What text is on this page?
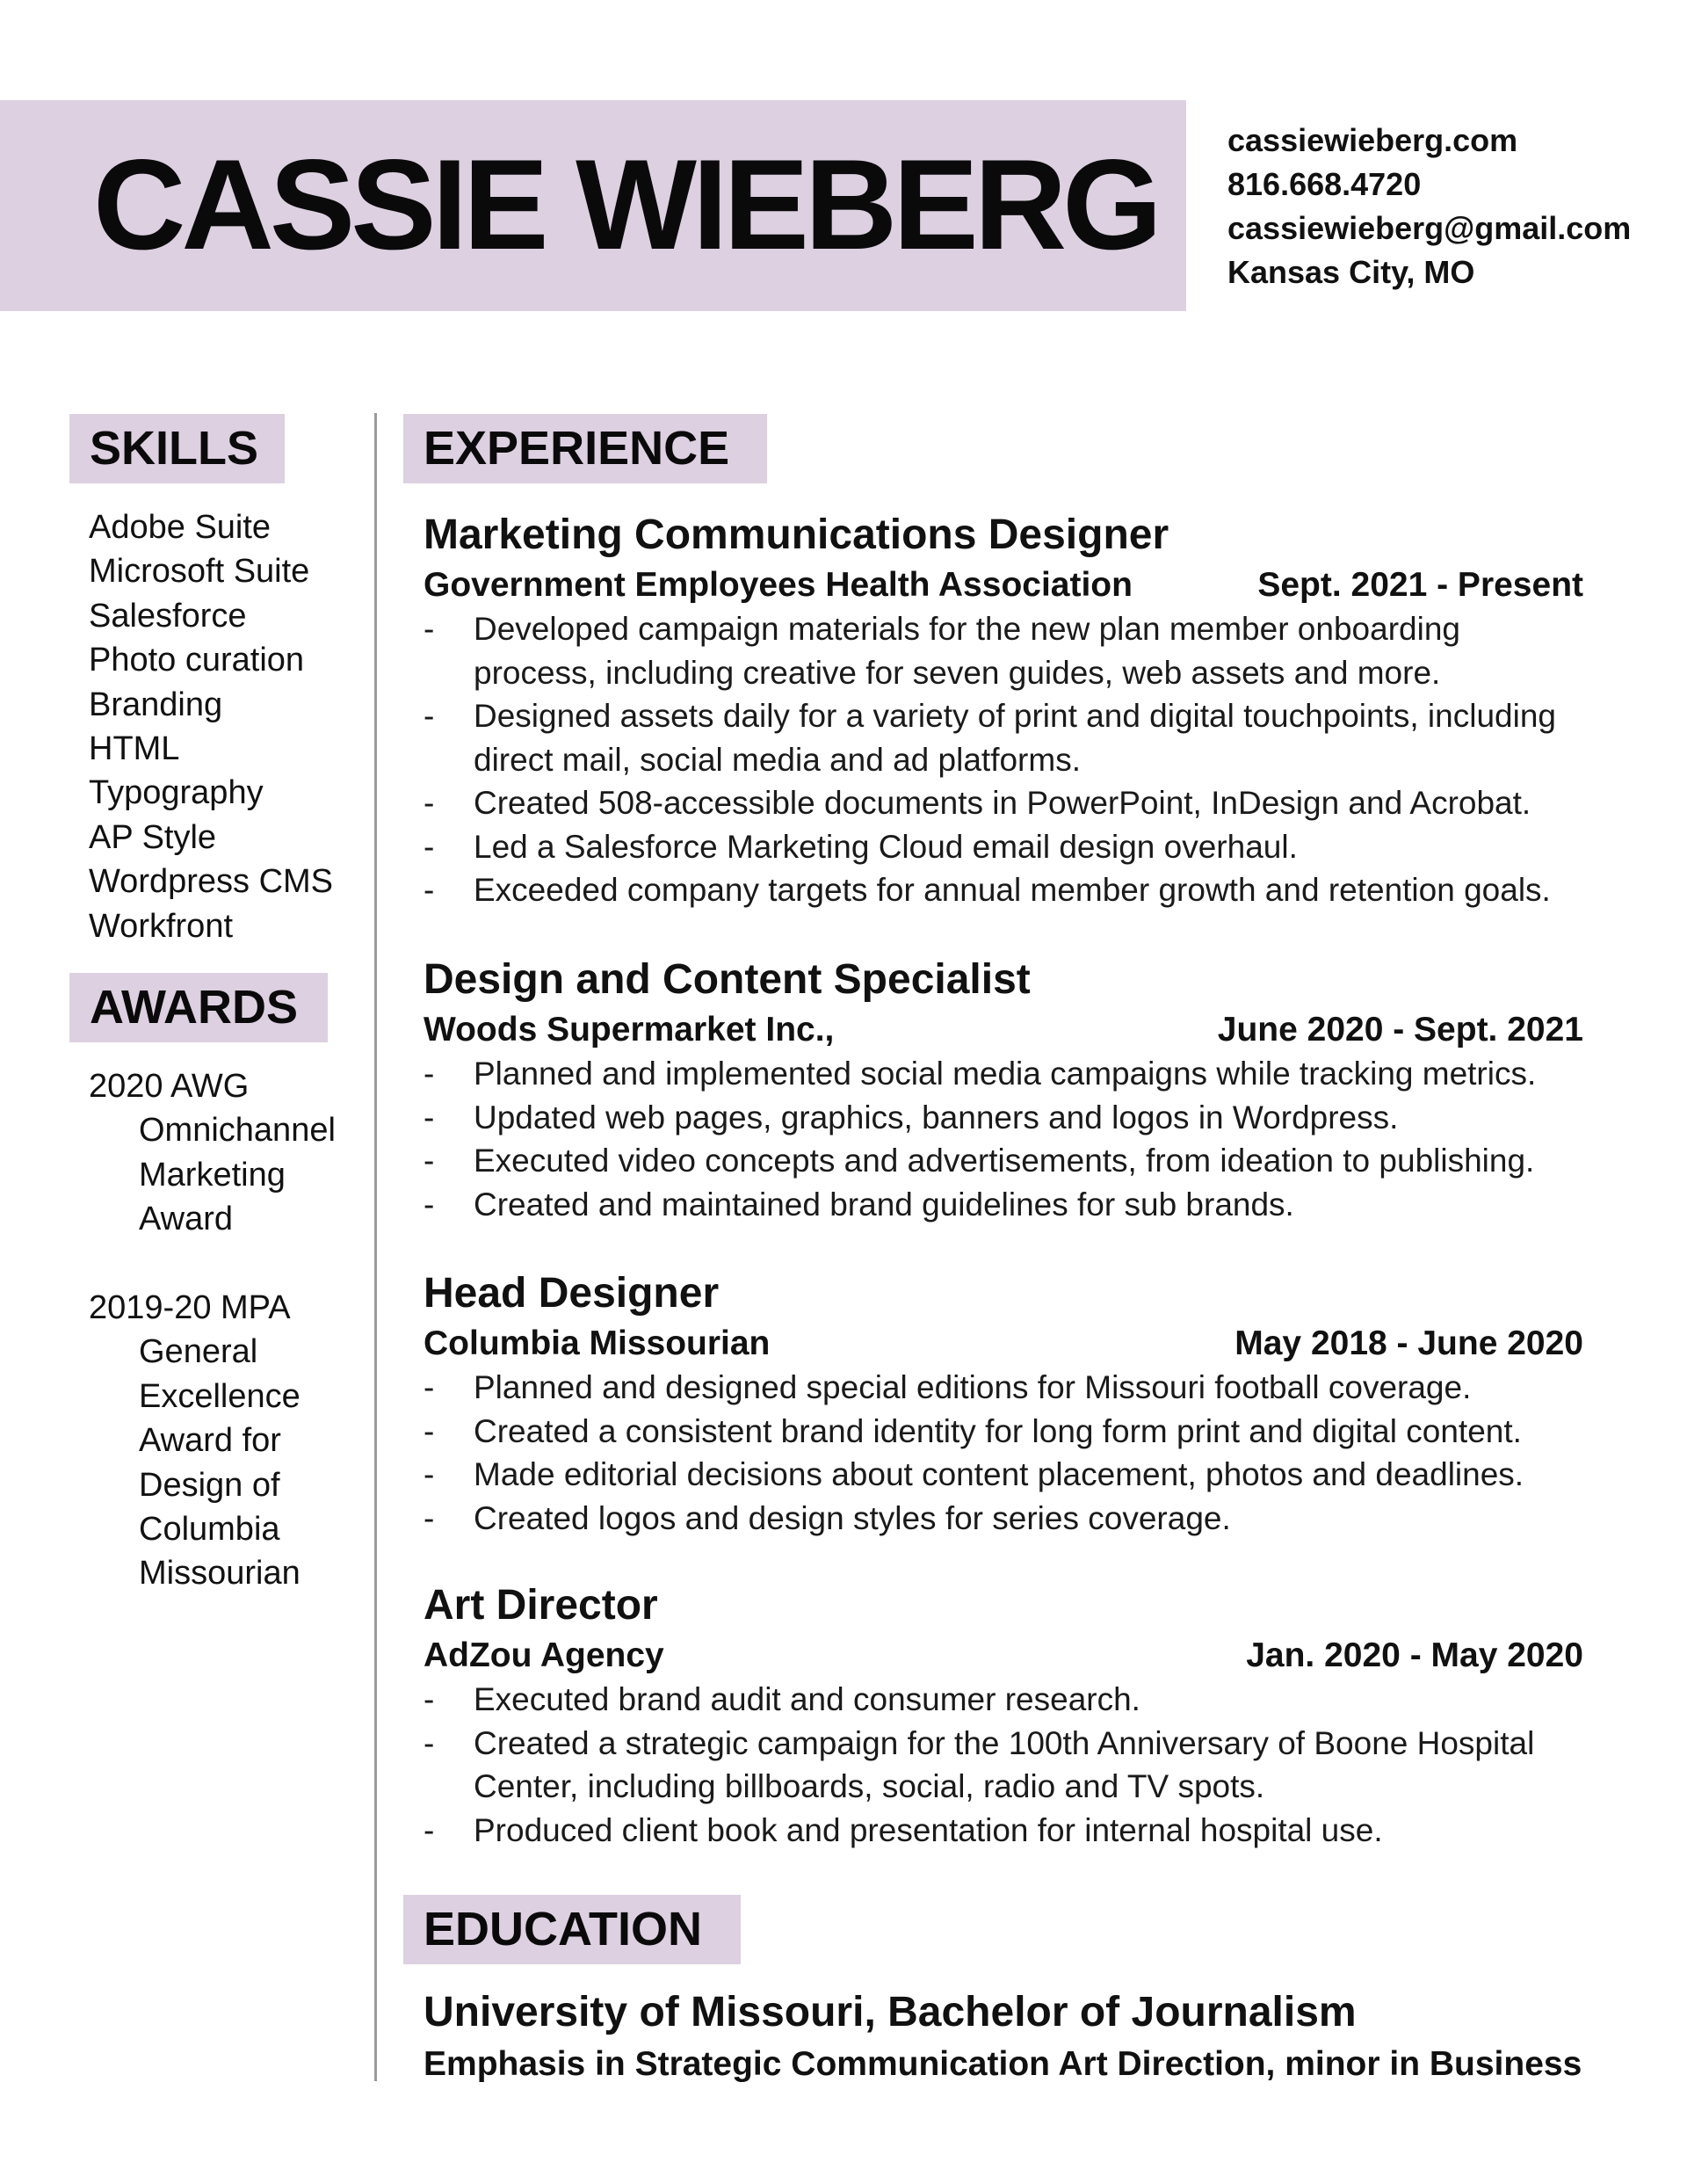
CASSIE WIEBERG cassiewieberg.com
816.668.4720
cassiewieberg@gmail.com
Kansas City, MO
SKILLS
Adobe Suite
Microsoft Suite
Salesforce
Photo curation
Branding
HTML
Typography
AP Style
Wordpress CMS
Workfront
AWARDS
2020 AWG
Omnichannel
Marketing
Award
2019-20 MPA
General
Excellence
Award for
Design of
Columbia
Missourian
EXPERIENCE
Marketing Communications Designer
Government Employees Health Association	Sept. 2021 - Present
- Developed campaign materials for the new plan member onboarding process, including creative for seven guides, web assets and more.
- Designed assets daily for a variety of print and digital touchpoints, including direct mail, social media and ad platforms.
- Created 508-accessible documents in PowerPoint, InDesign and Acrobat.
- Led a Salesforce Marketing Cloud email design overhaul.
- Exceeded company targets for annual member growth and retention goals.
Design and Content Specialist
Woods Supermarket Inc.,	June 2020 - Sept. 2021
- Planned and implemented social media campaigns while tracking metrics.
- Updated web pages, graphics, banners and logos in Wordpress.
- Executed video concepts and advertisements, from ideation to publishing.
- Created and maintained brand guidelines for sub brands.
Head Designer
Columbia Missourian	May 2018 - June 2020
- Planned and designed special editions for Missouri football coverage.
- Created a consistent brand identity for long form print and digital content.
- Made editorial decisions about content placement, photos and deadlines.
- Created logos and design styles for series coverage.
Art Director
AdZou Agency	Jan. 2020 - May 2020
- Executed brand audit and consumer research.
- Created a strategic campaign for the 100th Anniversary of Boone Hospital Center, including billboards, social, radio and TV spots.
- Produced client book and presentation for internal hospital use.
EDUCATION
University of Missouri, Bachelor of Journalism
Emphasis in Strategic Communication Art Direction, minor in Business
